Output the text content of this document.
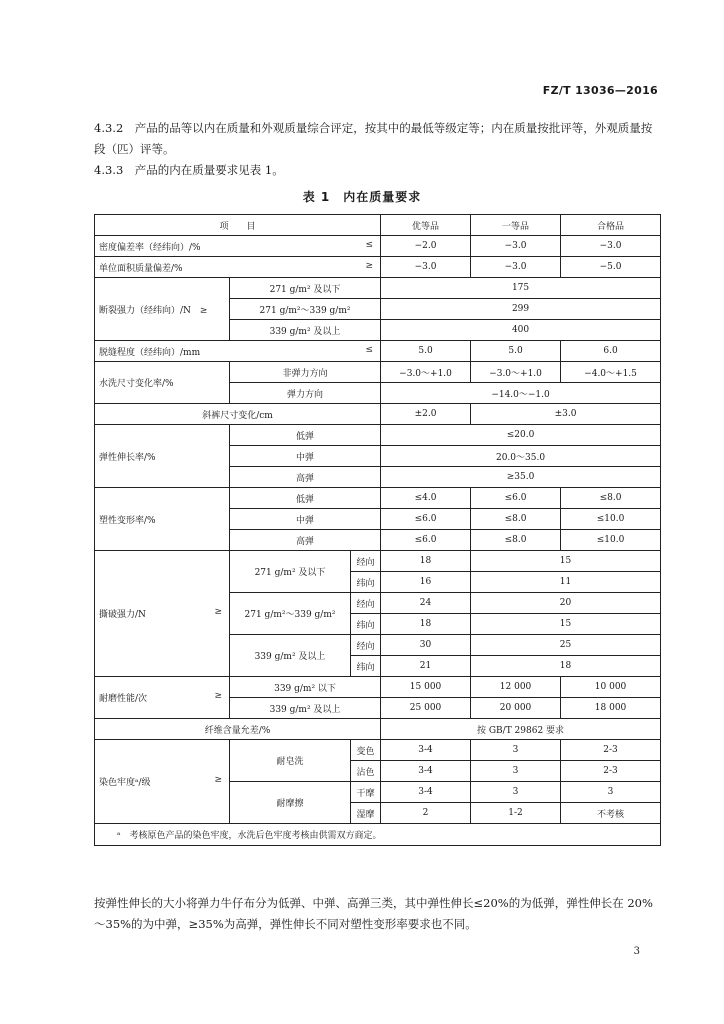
FZ/T 13036—2016
4.3.2　产品的品等以内在质量和外观质量综合评定，按其中的最低等级定等；内在质量按批评等，外观质量按段（匹）评等。
4.3.3　产品的内在质量要求见表 1。
表 1　内在质量要求
项　　目			优等品	一等品	合格品
密度偏差率（经纬向）/% ≤			−2.0	−3.0	−3.0
单位面积质量偏差/% ≥			−3.0	−3.0	−5.0
断裂强力（经纬向）/N　≥	271 g/m² 及以下		175		
	271 g/m²～339 g/m²		299		
	339 g/m² 及以上		400		
脱缝程度（经纬向）/mm ≤			5.0	5.0	6.0
水洗尺寸变化率/%	非弹力方向		−3.0～+1.0	−3.0～+1.0	−4.0～+1.5
	弹力方向		−14.0～−1.0		
斜裤尺寸变化/cm			±2.0	±3.0	
弹性伸长率/%	低弹		≤20.0		
	中弹		20.0～35.0		
	高弹		≥35.0		
塑性变形率/%	低弹		≤4.0	≤6.0	≤8.0
	中弹		≤6.0	≤8.0	≤10.0
	高弹		≤6.0	≤8.0	≤10.0
撕破强力/N ≥	271 g/m² 及以下	经向	18	15	
		纬向	16	11	
	271 g/m²～339 g/m²	经向	24	20	
		纬向	18	15	
	339 g/m² 及以上	经向	30	25	
		纬向	21	18	
耐磨性能/次 ≥	339 g/m² 以下		15 000	12 000	10 000
	339 g/m² 及以上		25 000	20 000	18 000
纤维含量允差/%			按 GB/T 29862 要求		
染色牢度ᵃ/级 ≥	耐皂洗	变色	3-4	3	2-3
		沾色	3-4	3	2-3
	耐摩擦	干摩	3-4	3	3
		湿摩	2	1-2	不考核
ᵃ　考核原色产品的染色牢度，水洗后色牢度考核由供需双方商定。					
按弹性伸长的大小将弹力牛仔布分为低弹、中弹、高弹三类，其中弹性伸长≤20%的为低弹，弹性伸长在 20%～35%的为中弹，≥35%为高弹，弹性伸长不同对塑性变形率要求也不同。
3
